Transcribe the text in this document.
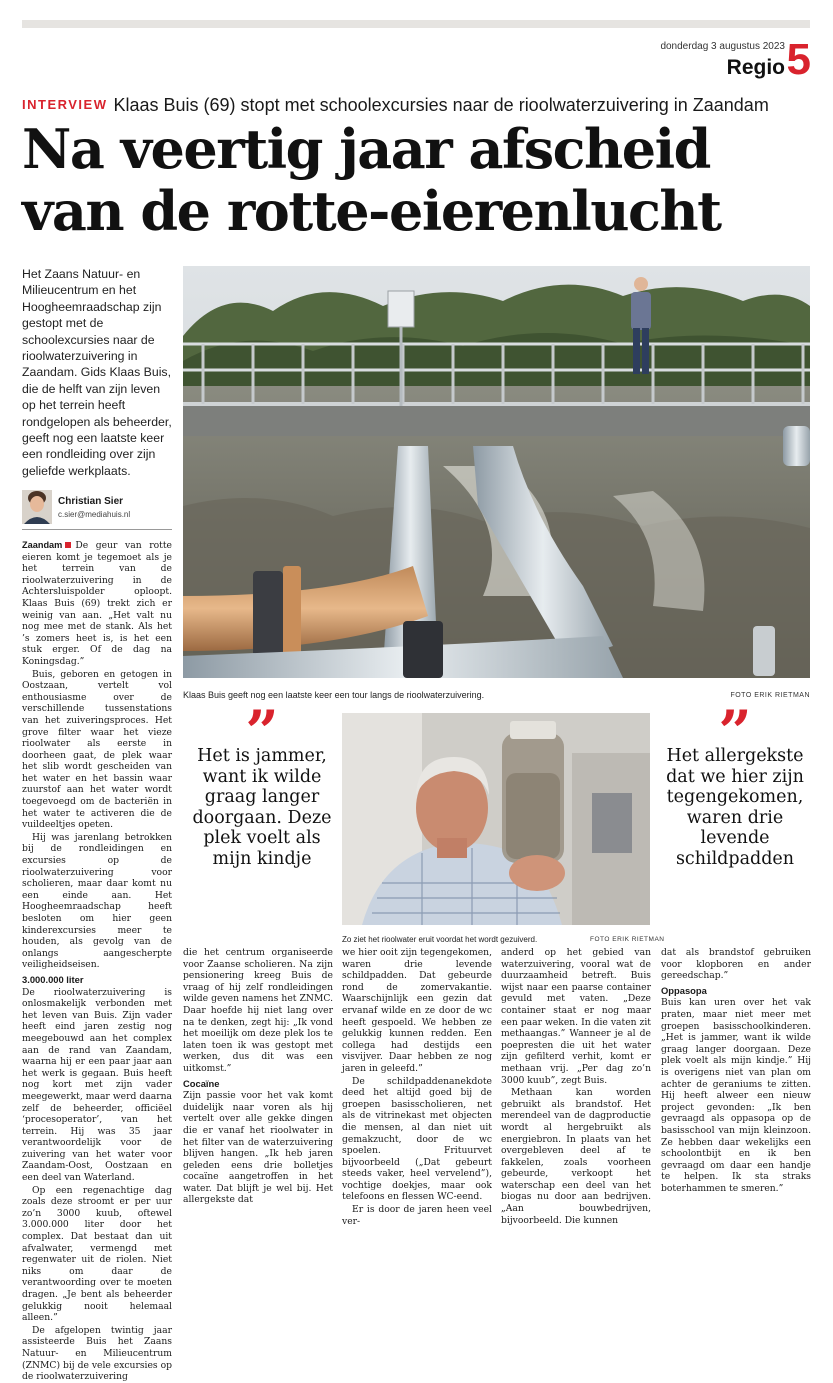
donderdag 3 augustus 2023
Regio 5
INTERVIEW Klaas Buis (69) stopt met schoolexcursies naar de rioolwaterzuivering in Zaandam
Na veertig jaar afscheid
van de rotte-eierenlucht
Het Zaans Natuur- en Milieucentrum en het Hoogheemraadschap zijn gestopt met de schoolexcursies naar de rioolwaterzuivering in Zaandam. Gids Klaas Buis, die de helft van zijn leven op het terrein heeft rondgelopen als beheerder, geeft nog een laatste keer een rondleiding over zijn geliefde werkplaats.
Christian Sier
c.sier@mediahuis.nl
Klaas Buis geeft nog een laatste keer een tour langs de rioolwaterzuivering.	FOTO ERIK RIETMAN
”
Het is jammer, want ik wilde graag langer doorgaan. Deze plek voelt als mijn kindje
Zo ziet het rioolwater eruit voordat het wordt gezuiverd.	FOTO ERIK RIETMAN
”
Het allergekste dat we hier zijn tegengekomen, waren drie levende schildpadden

Zaandam De geur van rotte eieren komt je tegemoet als je het terrein van de rioolwaterzuivering in de Achtersluispolder oploopt. Klaas Buis (69) trekt zich er weinig van aan. „Het valt nu nog mee met de stank. Als het ’s zomers heet is, is het een stuk erger. Of de dag na Koningsdag.”

Buis, geboren en getogen in Oostzaan, vertelt vol enthousiasme over de verschillende tussenstations van het zuiveringsproces. Het grove filter waar het vieze rioolwater als eerste in doorheen gaat, de plek waar het slib wordt gescheiden van het water en het bassin waar zuurstof aan het water wordt toegevoegd om de bacteriën in het water te activeren die de vuildeeltjes opeten.

Hij was jarenlang betrokken bij de rondleidingen en excursies op de rioolwaterzuivering voor scholieren, maar daar komt nu een einde aan. Het Hoogheemraadschap heeft besloten om hier geen kinderexcursies meer te houden, als gevolg van de onlangs aangescherpte veiligheidseisen.

3.000.000 liter

De rioolwaterzuivering is onlosmakelijk verbonden met het leven van Buis. Zijn vader heeft eind jaren zestig nog meegebouwd aan het complex aan de rand van Zaandam, waarna hij er een paar jaar aan het werk is gegaan. Buis heeft nog kort met zijn vader meegewerkt, maar werd daarna zelf de beheerder, officiëel ‘procesoperator’, van het terrein. Hij was 35 jaar verantwoordelijk voor de zuivering van het water voor Zaandam-Oost, Oostzaan en een deel van Waterland.

Op een regenachtige dag zoals deze stroomt er per uur zo’n 3000 kuub, oftewel 3.000.000 liter door het complex. Dat bestaat dan uit afvalwater, vermengd met regenwater uit de riolen. Niet niks om daar de verantwoording over te moeten dragen. „Je bent als beheerder gelukkig nooit helemaal alleen.”

De afgelopen twintig jaar assisteerde Buis het Zaans Natuur- en Milieucentrum (ZNMC) bij de vele excursies op de rioolwaterzuivering

die het centrum organiseerde voor Zaanse scholieren. Na zijn pensionering kreeg Buis de vraag of hij zelf rondleidingen wilde geven namens het ZNMC. Daar hoefde hij niet lang over na te denken, zegt hij: „Ik vond het moeilijk om deze plek los te laten toen ik was gestopt met werken, dus dit was een uitkomst.”

Cocaïne

Zijn passie voor het vak komt duidelijk naar voren als hij vertelt over alle gekke dingen die er vanaf het rioolwater in het filter van de waterzuivering blijven hangen. „Ik heb jaren geleden eens drie bolletjes cocaïne aangetroffen in het water. Dat blijft je wel bij. Het allergekste dat

we hier ooit zijn tegengekomen, waren drie levende schildpadden. Dat gebeurde rond de zomervakantie. Waarschijnlijk een gezin dat ervanaf wilde en ze door de wc heeft gespoeld. We hebben ze gelukkig kunnen redden. Een collega had destijds een visvijver. Daar hebben ze nog jaren in geleefd.”

De schildpaddenanekdote deed het altijd goed bij de groepen basisscholieren, net als de vitrinekast met objecten die mensen, al dan niet uit gemakzucht, door de wc spoelen. Frituurvet bijvoorbeeld („Dat gebeurt steeds vaker, heel vervelend”), vochtige doekjes, maar ook telefoons en flessen WC-eend.

Er is door de jaren heen veel ver-

anderd op het gebied van waterzuivering, vooral wat de duurzaamheid betreft. Buis wijst naar een paarse container gevuld met vaten. „Deze container staat er nog maar een paar weken. In die vaten zit methaangas.” Wanneer je al de poepresten die uit het water zijn gefilterd verhit, komt er methaan vrij. „Per dag zo’n 3000 kuub”, zegt Buis.

Methaan kan worden gebruikt als brandstof. Het merendeel van de dagproductie wordt al hergebruikt als energiebron. In plaats van het overgebleven deel af te fakkelen, zoals voorheen gebeurde, verkoopt het waterschap een deel van het biogas nu door aan bedrijven. „Aan bouwbedrijven, bijvoorbeeld. Die kunnen

dat als brandstof gebruiken voor klopboren en ander gereedschap.”

Oppasopa

Buis kan uren over het vak praten, maar niet meer met groepen basisschoolkinderen. „Het is jammer, want ik wilde graag langer doorgaan. Deze plek voelt als mijn kindje.” Hij is overigens niet van plan om achter de geraniums te zitten. Hij heeft alweer een nieuw project gevonden: „Ik ben gevraagd als oppasopa op de basisschool van mijn kleinzoon. Ze hebben daar wekelijks een schoolontbijt en ik ben gevraagd om daar een handje te helpen. Ik sta straks boterhammen te smeren.”
